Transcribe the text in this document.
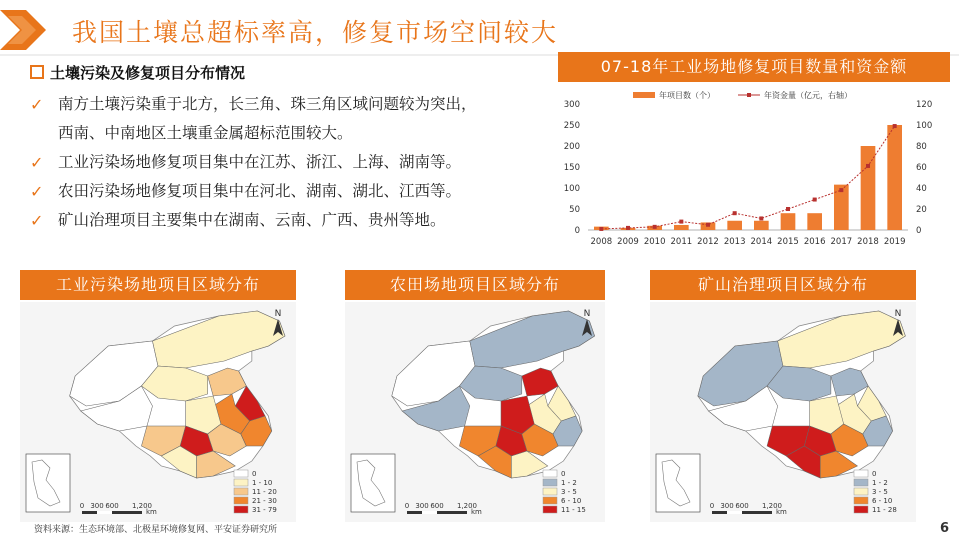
我国土壤总超标率高，修复市场空间较大
土壤污染及修复项目分布情况
✓ 南方土壤污染重于北方，长三角、珠三角区域问题较为突出，
西南、中南地区土壤重金属超标范围较大。
✓ 工业污染场地修复项目集中在江苏、浙江、上海、湖南等。
✓ 农田污染场地修复项目集中在河北、湖南、湖北、江西等。
✓ 矿山治理项目主要集中在湖南、云南、广西、贵州等地。
07-18年工业场地修复项目数量和资金额
0
50
100
150
200
250
300
0
20
40
60
80
100
120
2008 2009 2010 2011 2012 2013 2014 2015 2016 2017 2018 2019
年项目数（个）	年资金量（亿元，右轴）
工业污染场地项目区域分布	农田场地项目区域分布	矿山治理项目区域分布
N
0
1 - 10
11 - 20
21 - 30
31 - 79
0 300 600 1,200
km
N
0
1 - 2
3 - 5
6 - 10
11 - 15
0 300 600 1,200
km
N
0
1 - 2
3 - 5
6 - 10
11 - 28
0 300 600 1,200
km
资料来源：生态环境部、北极星环境修复网、平安证券研究所	6
